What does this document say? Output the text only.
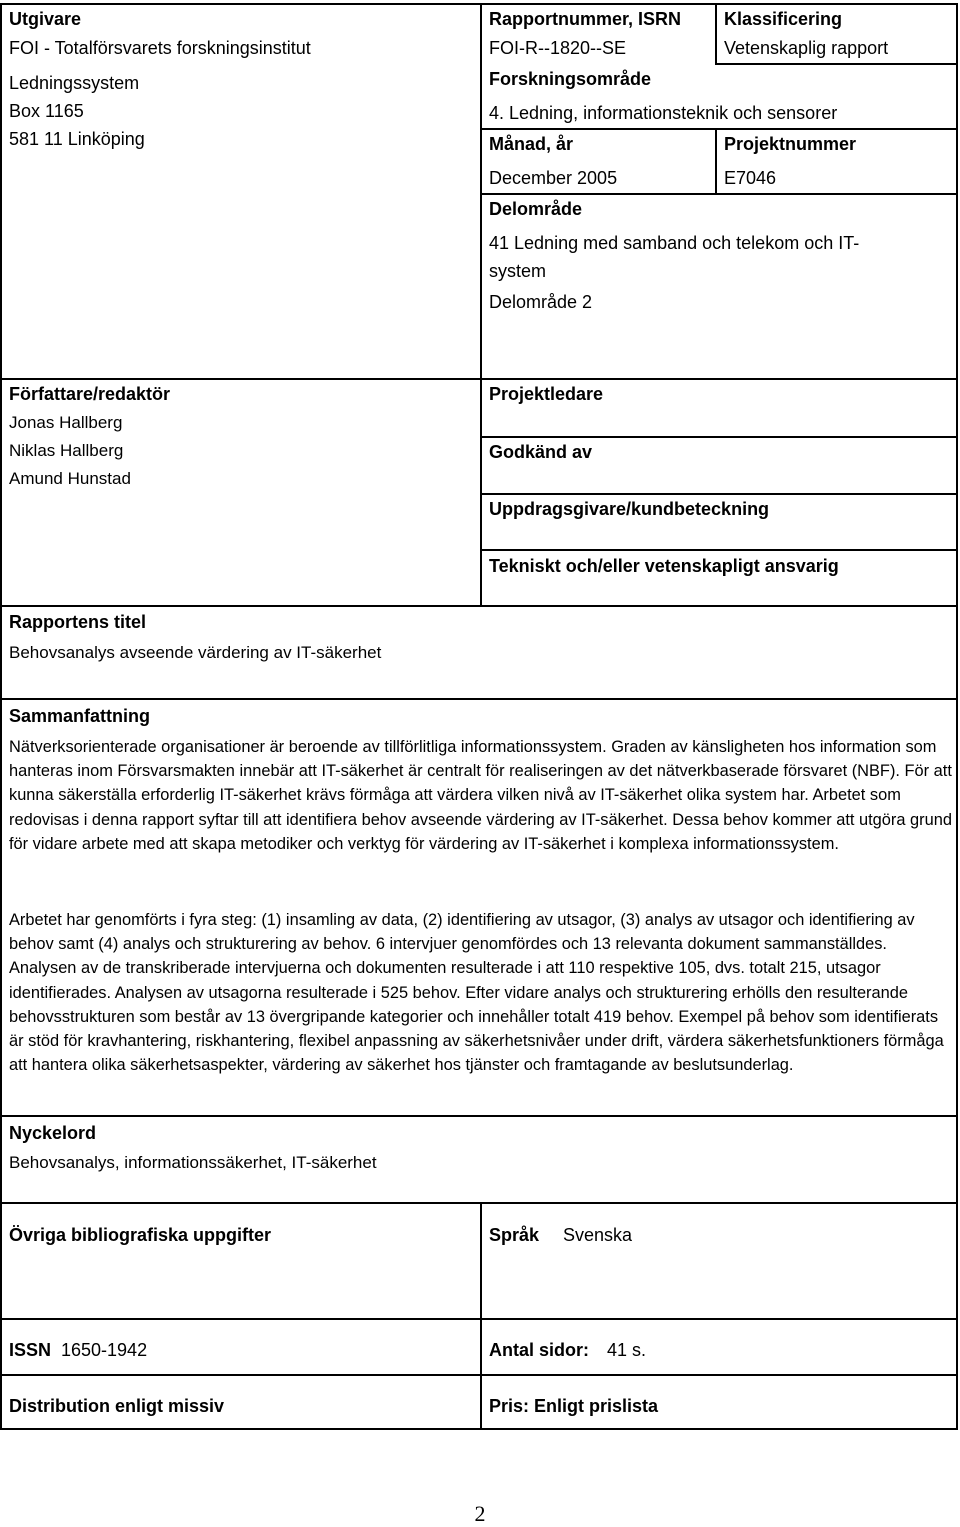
Utgivare
FOI - Totalförsvarets forskningsinstitut
Ledningssystem
Box 1165
581 11 Linköping
Rapportnummer, ISRN
FOI-R--1820--SE
Klassificering
Vetenskaplig rapport
Forskningsområde
4. Ledning, informationsteknik och sensorer
Månad, år
December 2005
Projektnummer
E7046
Delområde
41 Ledning med samband och telekom och IT-
system
Delområde 2
Författare/redaktör
Jonas Hallberg
Niklas Hallberg
Amund Hunstad
Projektledare
Godkänd av
Uppdragsgivare/kundbeteckning
Tekniskt och/eller vetenskapligt ansvarig
Rapportens titel
Behovsanalys avseende värdering av IT-säkerhet
Sammanfattning

Nätverksorienterade organisationer är beroende av tillförlitliga informationssystem. Graden av känsligheten hos information som hanteras inom Försvarsmakten innebär att IT-säkerhet är centralt för realiseringen av det nätverkbaserade försvaret (NBF). För att kunna säkerställa erforderlig IT-säkerhet krävs förmåga att värdera vilken nivå av IT-säkerhet olika system har. Arbetet som redovisas i denna rapport syftar till att identifiera behov avseende värdering av IT-säkerhet. Dessa behov kommer att utgöra grund för vidare arbete med att skapa metodiker och verktyg för värdering av IT-säkerhet i komplexa informationssystem.

Arbetet har genomförts i fyra steg: (1) insamling av data, (2) identifiering av utsagor, (3) analys av utsagor och identifiering av behov samt (4) analys och strukturering av behov. 6 intervjuer genomfördes och 13 relevanta dokument sammanställdes. Analysen av de transkriberade intervjuerna och dokumenten resulterade i att 110 respektive 105, dvs. totalt 215, utsagor identifierades. Analysen av utsagorna resulterade i 525 behov. Efter vidare analys och strukturering erhölls den resulterande behovsstrukturen som består av 13 övergripande kategorier och innehåller totalt 419 behov. Exempel på behov som identifierats är stöd för kravhantering, riskhantering, flexibel anpassning av säkerhetsnivåer under drift, värdera säkerhetsfunktioners förmåga att hantera olika säkerhetsaspekter, värdering av säkerhet hos tjänster och framtagande av beslutsunderlag.

Nyckelord
Behovsanalys, informationssäkerhet, IT-säkerhet
Övriga bibliografiska uppgifter	Språk Svenska
ISSN 1650-1942	Antal sidor: 41 s.
Distribution enligt missiv	Pris: Enligt prislista
2
